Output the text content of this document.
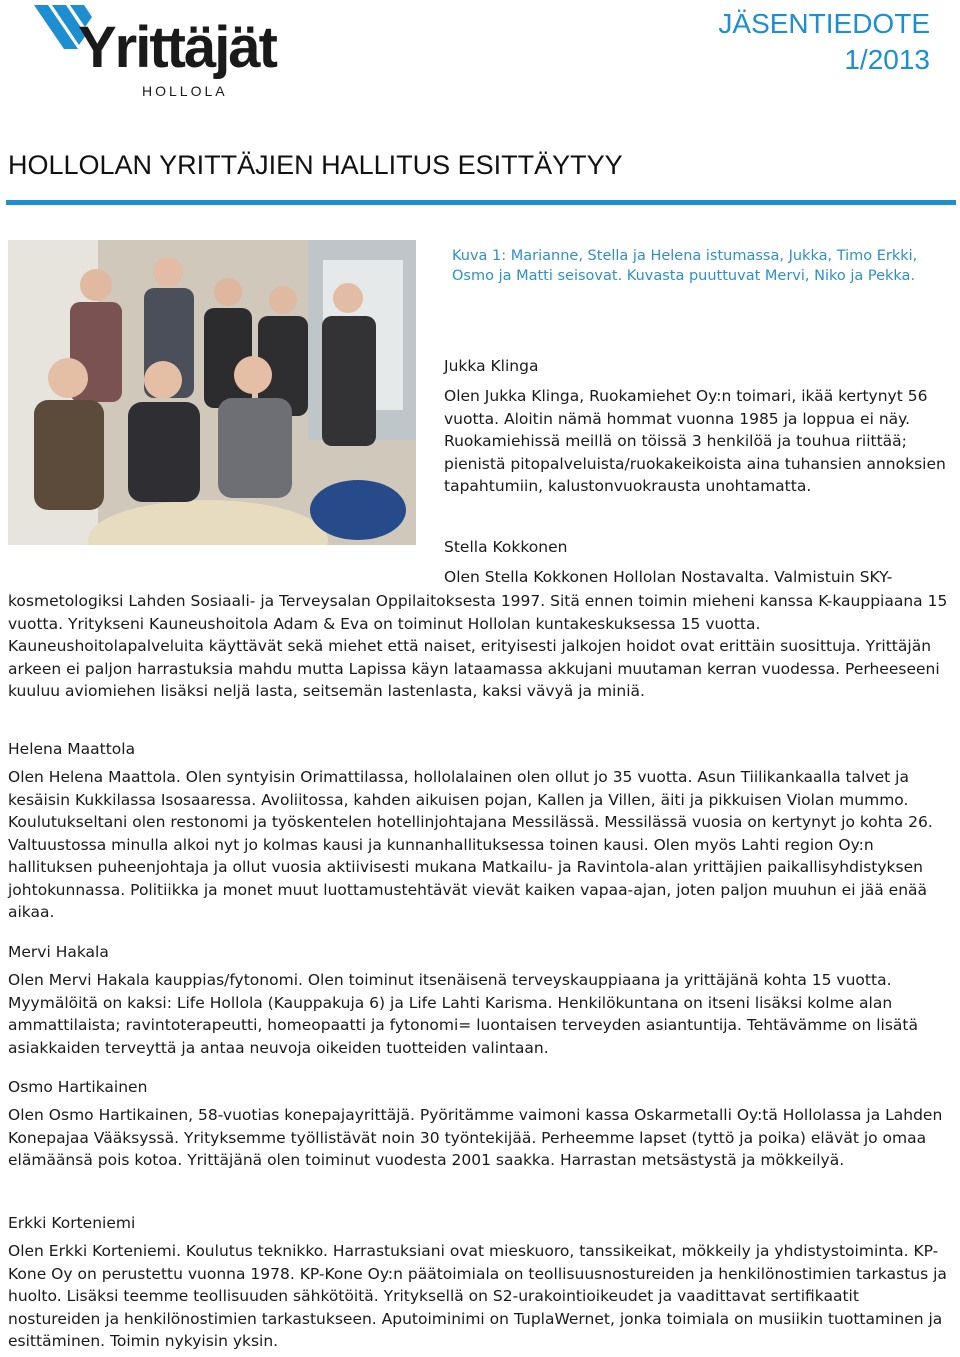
Yrittäjät
HOLLOLA
JÄSENTIEDOTE
1/2013
HOLLOLAN YRITTÄJIEN HALLITUS ESITTÄYTYY

Kuva 1: Marianne, Stella ja Helena istumassa, Jukka, Timo Erkki, Osmo ja Matti seisovat. Kuvasta puuttuvat Mervi, Niko ja Pekka.

Jukka Klinga

Olen Jukka Klinga, Ruokamiehet Oy:n toimari, ikää kertynyt 56 vuotta. Aloitin nämä hommat vuonna 1985 ja loppua ei näy. Ruokamiehissä meillä on töissä 3 henkilöä ja touhua riittää; pienistä pitopalveluista/ruokakeikoista aina tuhansien annoksien tapahtumiin, kalustonvuokrausta unohtamatta.

Stella Kokkonen

Olen Stella Kokkonen Hollolan Nostavalta. Valmistuin SKY-

kosmetologiksi Lahden Sosiaali- ja Terveysalan Oppilaitoksesta 1997. Sitä ennen toimin mieheni kanssa K-kauppiaana 15 vuotta. Yritykseni Kauneushoitola Adam & Eva on toiminut Hollolan kuntakeskuksessa 15 vuotta. Kauneushoitolapalveluita käyttävät sekä miehet että naiset, erityisesti jalkojen hoidot ovat erittäin suosittuja. Yrittäjän arkeen ei paljon harrastuksia mahdu mutta Lapissa käyn lataamassa akkujani muutaman kerran vuodessa. Perheeseeni kuuluu aviomiehen lisäksi neljä lasta, seitsemän lastenlasta, kaksi vävyä ja miniä.

Helena Maattola

Olen Helena Maattola. Olen syntyisin Orimattilassa, hollolalainen olen ollut jo 35 vuotta. Asun Tiilikankaalla talvet ja kesäisin Kukkilassa Isosaaressa. Avoliitossa, kahden aikuisen pojan, Kallen ja Villen, äiti ja pikkuisen Violan mummo. Koulutukseltani olen restonomi ja työskentelen hotellinjohtajana Messilässä. Messilässä vuosia on kertynyt jo kohta 26. Valtuustossa minulla alkoi nyt jo kolmas kausi ja kunnanhallituksessa toinen kausi. Olen myös Lahti region Oy:n hallituksen puheenjohtaja ja ollut vuosia aktiivisesti mukana Matkailu- ja Ravintola-alan yrittäjien paikallisyhdistyksen johtokunnassa. Politiikka ja monet muut luottamustehtävät vievät kaiken vapaa-ajan, joten paljon muuhun ei jää enää aikaa.

Mervi Hakala

Olen Mervi Hakala kauppias/fytonomi. Olen toiminut itsenäisenä terveyskauppiaana ja yrittäjänä kohta 15 vuotta. Myymälöitä on kaksi: Life Hollola (Kauppakuja 6) ja Life Lahti Karisma. Henkilökuntana on itseni lisäksi kolme alan ammattilaista; ravintoterapeutti, homeopaatti ja fytonomi= luontaisen terveyden asiantuntija. Tehtävämme on lisätä asiakkaiden terveyttä ja antaa neuvoja oikeiden tuotteiden valintaan.

Osmo Hartikainen

Olen Osmo Hartikainen, 58-vuotias konepajayrittäjä. Pyöritämme vaimoni kassa Oskarmetalli Oy:tä Hollolassa ja Lahden Konepajaa Vääksyssä. Yrityksemme työllistävät noin 30 työntekijää. Perheemme lapset (tyttö ja poika) elävät jo omaa elämäänsä pois kotoa. Yrittäjänä olen toiminut vuodesta 2001 saakka. Harrastan metsästystä ja mökkeilyä.

Erkki Korteniemi

Olen Erkki Korteniemi. Koulutus teknikko. Harrastuksiani ovat mieskuoro, tanssikeikat, mökkeily ja yhdistystoiminta. KP-Kone Oy on perustettu vuonna 1978. KP-Kone Oy:n päätoimiala on teollisuusnostureiden ja henkilönostimien tarkastus ja huolto. Lisäksi teemme teollisuuden sähkötöitä. Yrityksellä on S2-urakointioikeudet ja vaadittavat sertifikaatit nostureiden ja henkilönostimien tarkastukseen. Aputoiminimi on TuplaWernet, jonka toimiala on musiikin tuottaminen ja esittäminen. Toimin nykyisin yksin.
